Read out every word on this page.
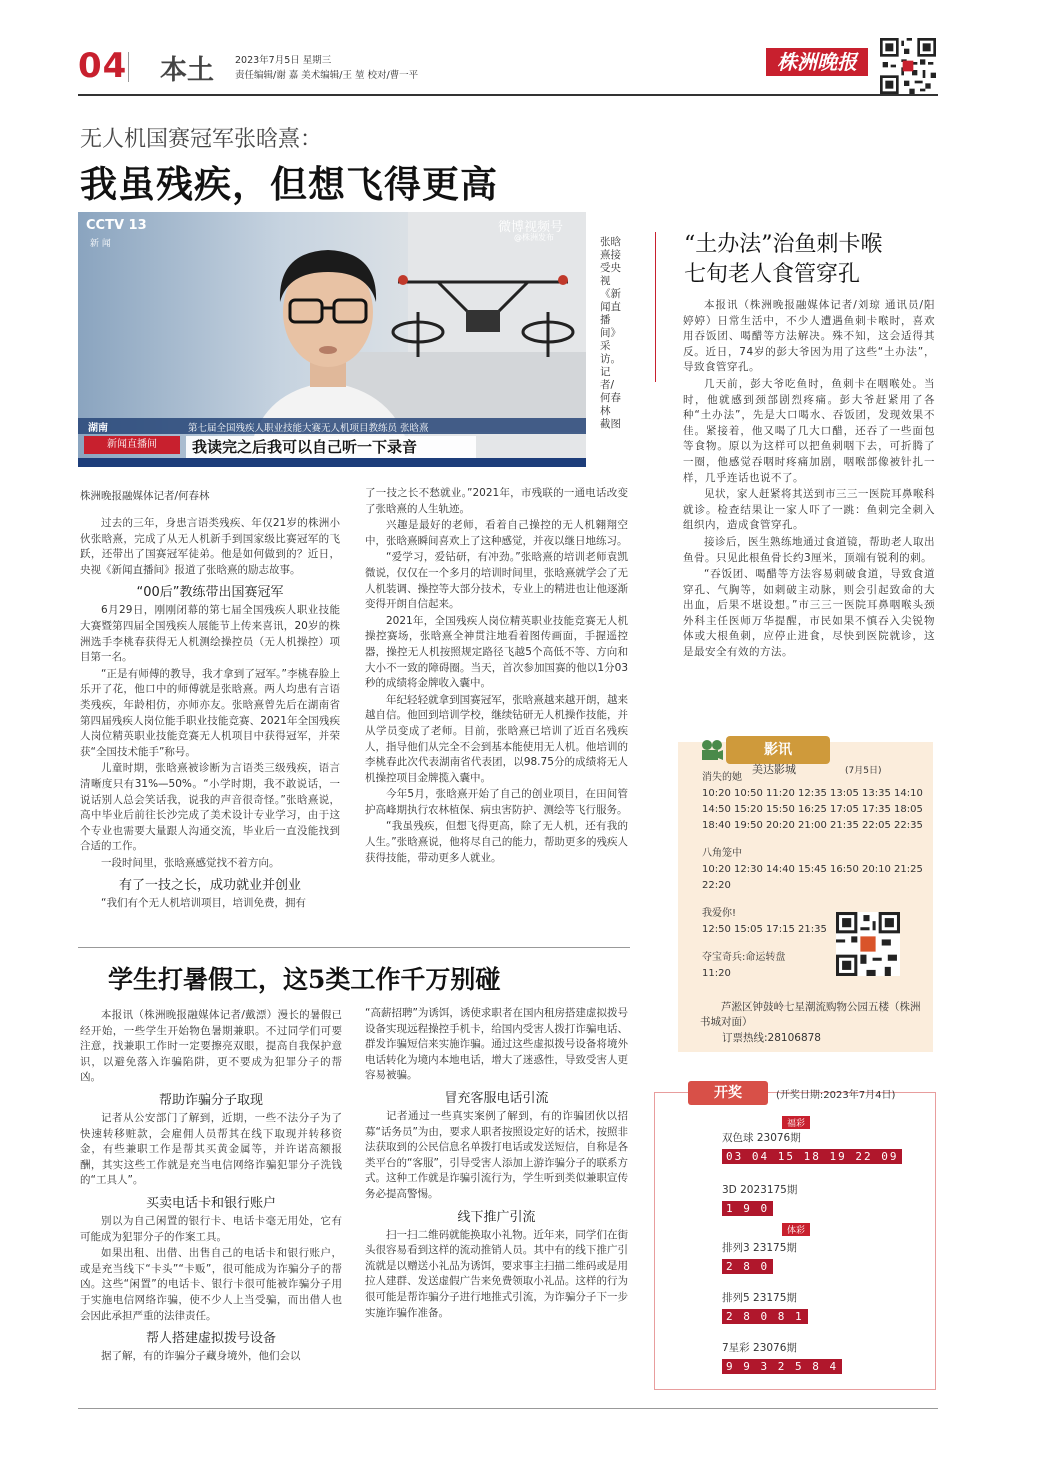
04 本土 2023年7月5日 星期三
责任编辑/谢 嘉 美术编辑/王 堃 校对/曹一平
株洲晚报
无人机国赛冠军张晗熹：
我虽残疾，但想飞得更高
CCTV 13
新 闻
微博视频号
@株洲发布
湖南	第七届全国残疾人职业技能大赛无人机项目教练员 张晗熹
新闻直播间	我读完之后我可以自己听一下录音
张晗熹接受央视《新闻直播间》采访。记者/何春林 截图
株洲晚报融媒体记者/何春林

过去的三年，身患言语类残疾、年仅21岁的株洲小伙张晗熹，完成了从无人机新手到国家级比赛冠军的飞跃，还带出了国赛冠军徒弟。他是如何做到的？近日，央视《新闻直播间》报道了张晗熹的励志故事。

“00后”教练带出国赛冠军

6月29日，刚刚闭幕的第七届全国残疾人职业技能大赛暨第四届全国残疾人展能节上传来喜讯，20岁的株洲选手李桃春获得无人机测绘操控员（无人机操控）项目第一名。

“正是有师傅的教导，我才拿到了冠军。”李桃春脸上乐开了花，他口中的师傅就是张晗熹。两人均患有言语类残疾，年龄相仿，亦师亦友。张晗熹曾先后在湖南省第四届残疾人岗位能手职业技能竞赛、2021年全国残疾人岗位精英职业技能竞赛无人机项目中获得冠军，并荣获“全国技术能手”称号。

儿童时期，张晗熹被诊断为言语类三级残疾，语言清晰度只有31%—50%。“小学时期，我不敢说话，一说话别人总会笑话我，说我的声音很奇怪。”张晗熹说，高中毕业后前往长沙完成了美术设计专业学习，由于这个专业也需要大量跟人沟通交流，毕业后一直没能找到合适的工作。

一段时间里，张晗熹感觉找不着方向。

有了一技之长，成功就业并创业

“我们有个无人机培训项目，培训免费，拥有

了一技之长不愁就业。”2021年，市残联的一通电话改变了张晗熹的人生轨迹。

兴趣是最好的老师，看着自己操控的无人机翱翔空中，张晗熹瞬间喜欢上了这种感觉，并夜以继日地练习。

“爱学习，爱钻研，有冲劲。”张晗熹的培训老师袁凯微说，仅仅在一个多月的培训时间里，张晗熹就学会了无人机装调、操控等大部分技术，专业上的精进也让他逐渐变得开朗自信起来。

2021年，全国残疾人岗位精英职业技能竞赛无人机操控赛场，张晗熹全神贯注地看着图传画面，手握遥控器，操控无人机按照规定路径飞越5个高低不等、方向和大小不一致的障碍圈。当天，首次参加国赛的他以1分03秒的成绩将金牌收入囊中。

年纪轻轻就拿到国赛冠军，张晗熹越来越开朗，越来越自信。他回到培训学校，继续钻研无人机操作技能，并从学员变成了老师。目前，张晗熹已培训了近百名残疾人，指导他们从完全不会到基本能使用无人机。他培训的李桃春此次代表湖南省代表团，以98.75分的成绩将无人机操控项目金牌揽入囊中。

今年5月，张晗熹开始了自己的创业项目，在田间管护高峰期执行农林植保、病虫害防护、测绘等飞行服务。

“我虽残疾，但想飞得更高，除了无人机，还有我的人生。”张晗熹说，他将尽自己的能力，帮助更多的残疾人获得技能，带动更多人就业。

“土办法”治鱼刺卡喉
七旬老人食管穿孔

本报讯（株洲晚报融媒体记者/刘琼 通讯员/阳婷婷）日常生活中，不少人遭遇鱼刺卡喉时，喜欢用吞饭团、喝醋等方法解决。殊不知，这会适得其反。近日，74岁的彭大爷因为用了这些“土办法”，导致食管穿孔。

几天前，彭大爷吃鱼时，鱼刺卡在咽喉处。当时，他就感到颈部剧烈疼痛。彭大爷赶紧用了各种“土办法”，先是大口喝水、吞饭团，发现效果不佳。紧接着，他又喝了几大口醋，还吞了一些面包等食物。原以为这样可以把鱼刺咽下去，可折腾了一圈，他感觉吞咽时疼痛加剧，咽喉部像被针扎一样，几乎连话也说不了。

见状，家人赶紧将其送到市三三一医院耳鼻喉科就诊。检查结果让一家人吓了一跳：鱼刺完全刺入组织内，造成食管穿孔。

接诊后，医生熟练地通过食道镜，帮助老人取出鱼骨。只见此根鱼骨长约3厘米，顶端有锐利的刺。

“吞饭团、喝醋等方法容易刺破食道，导致食道穿孔、气胸等，如刺破主动脉，则会引起致命的大出血，后果不堪设想。”市三三一医院耳鼻咽喉头颈外科主任医师万华提醒，市民如果不慎吞入尖锐物体或大根鱼刺，应停止进食，尽快到医院就诊，这是最安全有效的方法。

影讯
美达影城	(7月5日)
消失的她
10:20 10:50 11:20 12:35 13:05 13:35 14:10
14:50 15:20 15:50 16:25 17:05 17:35 18:05
18:40 19:50 20:20 21:00 21:35 22:05 22:35
八角笼中
10:20 12:30 14:40 15:45 16:50 20:10 21:25
22:20
我爱你!
12:50 15:05 17:15 21:35
夺宝奇兵:命运转盘
11:20
芦淞区钟鼓岭七星潮流购物公园五楼（株洲书城对面）
订票热线:28106878
开奖	(开奖日期:2023年7月4日)
福彩
体彩
双色球 23076期
03 04 15 18 19 22 09
3D 2023175期
1 9 0
排列3 23175期
2 8 0
排列5 23175期
2 8 0 8 1
7星彩 23076期
9 9 3 2 5 8 4
学生打暑假工，这5类工作千万别碰

本报讯（株洲晚报融媒体记者/戴漂）漫长的暑假已经开始，一些学生开始物色暑期兼职。不过同学们可要注意，找兼职工作时一定要擦亮双眼，提高自我保护意识，以避免落入诈骗陷阱，更不要成为犯罪分子的帮凶。

帮助诈骗分子取现

记者从公安部门了解到，近期，一些不法分子为了快速转移赃款，会雇佣人员帮其在线下取现并转移资金，有些兼职工作是帮其买黄金属等，并许诺高额报酬，其实这些工作就是充当电信网络诈骗犯罪分子洗钱的“工具人”。

买卖电话卡和银行账户

别以为自己闲置的银行卡、电话卡毫无用处，它有可能成为犯罪分子的作案工具。

如果出租、出借、出售自己的电话卡和银行账户，或是充当线下“卡头”“卡贩”，很可能成为诈骗分子的帮凶。这些“闲置”的电话卡、银行卡很可能被诈骗分子用于实施电信网络诈骗，使不少人上当受骗，而出借人也会因此承担严重的法律责任。

帮人搭建虚拟拨号设备

据了解，有的诈骗分子藏身境外，他们会以

“高薪招聘”为诱饵，诱使求职者在国内租房搭建虚拟拨号设备实现远程操控手机卡，给国内受害人拨打诈骗电话、群发诈骗短信来实施诈骗。通过这些虚拟拨号设备将境外电话转化为境内本地电话，增大了迷惑性，导致受害人更容易被骗。

冒充客服电话引流

记者通过一些真实案例了解到，有的诈骗团伙以招募“话务员”为由，要求人职者按照设定好的话术，按照非法获取到的公民信息名单拨打电话或发送短信，自称是各类平台的“客服”，引导受害人添加上游诈骗分子的联系方式。这种工作就是诈骗引流行为，学生听到类似兼职宣传务必提高警惕。

线下推广引流

扫一扫二维码就能换取小礼物。近年来，同学们在街头很容易看到这样的流动推销人员。其中有的线下推广引流就是以赠送小礼品为诱饵，要求事主扫描二维码或是用拉人建群、发送虚假广告来免费领取小礼品。这样的行为很可能是帮诈骗分子进行地推式引流，为诈骗分子下一步实施诈骗作准备。
